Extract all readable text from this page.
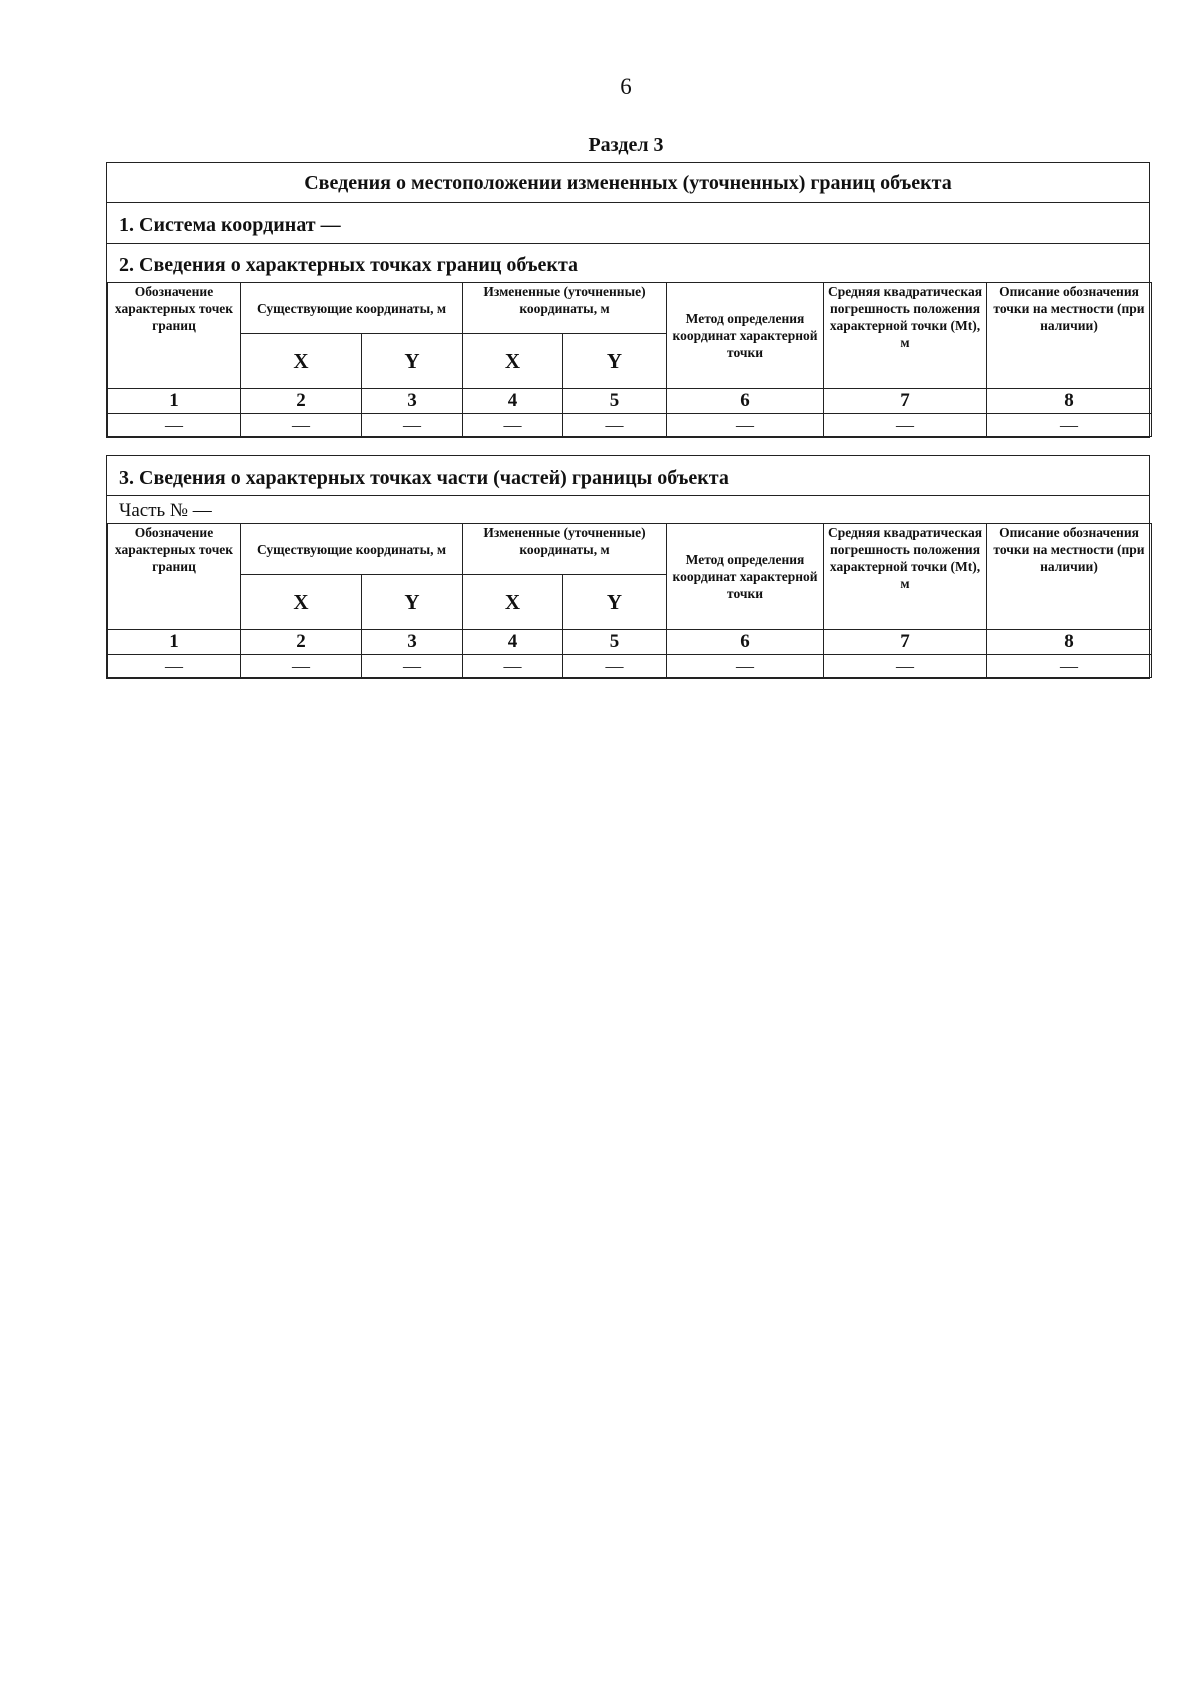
6
Раздел 3
Сведения о местоположении измененных (уточненных) границ объекта
1. Система координат —
2. Сведения о характерных точках границ объекта
Обозначение характерных точек границ	Существующие координаты, м		Измененные (уточненные) координаты, м		Метод определения координат характерной точки	Средняя квадратическая погрешность положения характерной точки (Mt), м	Описание обозначения точки на местности (при наличии)
	X	Y	X	Y			
1	2	3	4	5	6	7	8
—	—	—	—	—	—	—	—
3. Сведения о характерных точках части (частей) границы объекта
Часть № —
Обозначение характерных точек границ	Существующие координаты, м		Измененные (уточненные) координаты, м		Метод определения координат характерной точки	Средняя квадратическая погрешность положения характерной точки (Mt), м	Описание обозначения точки на местности (при наличии)
	X	Y	X	Y			
1	2	3	4	5	6	7	8
—	—	—	—	—	—	—	—
